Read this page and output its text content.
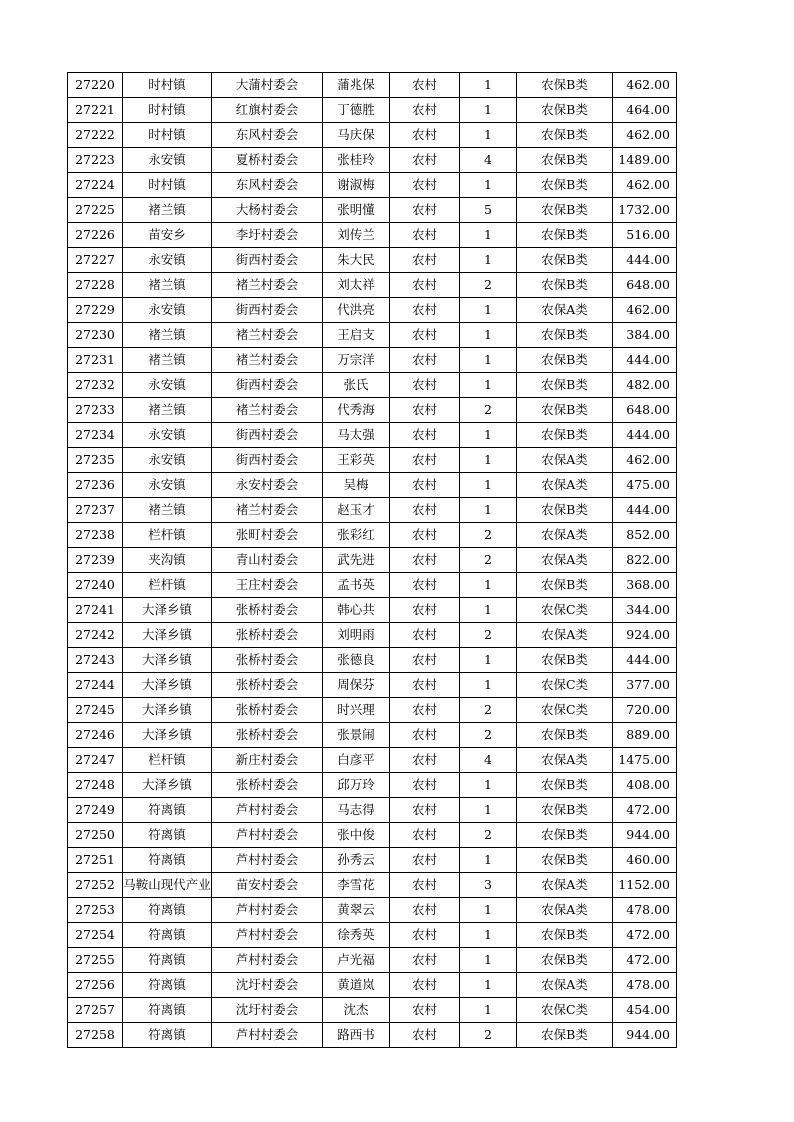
27220	时村镇	大蒲村委会	蒲兆保	农村	1	农保B类	462.00
27221	时村镇	红旗村委会	丁德胜	农村	1	农保B类	464.00
27222	时村镇	东风村委会	马庆保	农村	1	农保B类	462.00
27223	永安镇	夏桥村委会	张桂玲	农村	4	农保B类	1489.00
27224	时村镇	东风村委会	谢淑梅	农村	1	农保B类	462.00
27225	褚兰镇	大杨村委会	张明懂	农村	5	农保B类	1732.00
27226	苗安乡	李圩村委会	刘传兰	农村	1	农保B类	516.00
27227	永安镇	街西村委会	朱大民	农村	1	农保B类	444.00
27228	褚兰镇	褚兰村委会	刘太祥	农村	2	农保B类	648.00
27229	永安镇	街西村委会	代洪亮	农村	1	农保A类	462.00
27230	褚兰镇	褚兰村委会	王启支	农村	1	农保B类	384.00
27231	褚兰镇	褚兰村委会	万宗洋	农村	1	农保B类	444.00
27232	永安镇	街西村委会	张氏	农村	1	农保B类	482.00
27233	褚兰镇	褚兰村委会	代秀海	农村	2	农保B类	648.00
27234	永安镇	街西村委会	马太强	农村	1	农保B类	444.00
27235	永安镇	街西村委会	王彩英	农村	1	农保A类	462.00
27236	永安镇	永安村委会	吴梅	农村	1	农保A类	475.00
27237	褚兰镇	褚兰村委会	赵玉才	农村	1	农保B类	444.00
27238	栏杆镇	张町村委会	张彩红	农村	2	农保A类	852.00
27239	夹沟镇	青山村委会	武先进	农村	2	农保A类	822.00
27240	栏杆镇	王庄村委会	孟书英	农村	1	农保B类	368.00
27241	大泽乡镇	张桥村委会	韩心共	农村	1	农保C类	344.00
27242	大泽乡镇	张桥村委会	刘明雨	农村	2	农保A类	924.00
27243	大泽乡镇	张桥村委会	张德良	农村	1	农保B类	444.00
27244	大泽乡镇	张桥村委会	周保芬	农村	1	农保C类	377.00
27245	大泽乡镇	张桥村委会	时兴理	农村	2	农保C类	720.00
27246	大泽乡镇	张桥村委会	张景闹	农村	2	农保B类	889.00
27247	栏杆镇	新庄村委会	白彦平	农村	4	农保A类	1475.00
27248	大泽乡镇	张桥村委会	邱万玲	农村	1	农保B类	408.00
27249	符离镇	芦村村委会	马志得	农村	1	农保B类	472.00
27250	符离镇	芦村村委会	张中俊	农村	2	农保B类	944.00
27251	符离镇	芦村村委会	孙秀云	农村	1	农保B类	460.00
27252	马鞍山现代产业	苗安村委会	李雪花	农村	3	农保A类	1152.00
27253	符离镇	芦村村委会	黄翠云	农村	1	农保A类	478.00
27254	符离镇	芦村村委会	徐秀英	农村	1	农保B类	472.00
27255	符离镇	芦村村委会	卢光福	农村	1	农保B类	472.00
27256	符离镇	沈圩村委会	黄道岚	农村	1	农保A类	478.00
27257	符离镇	沈圩村委会	沈杰	农村	1	农保C类	454.00
27258	符离镇	芦村村委会	路西书	农村	2	农保B类	944.00
